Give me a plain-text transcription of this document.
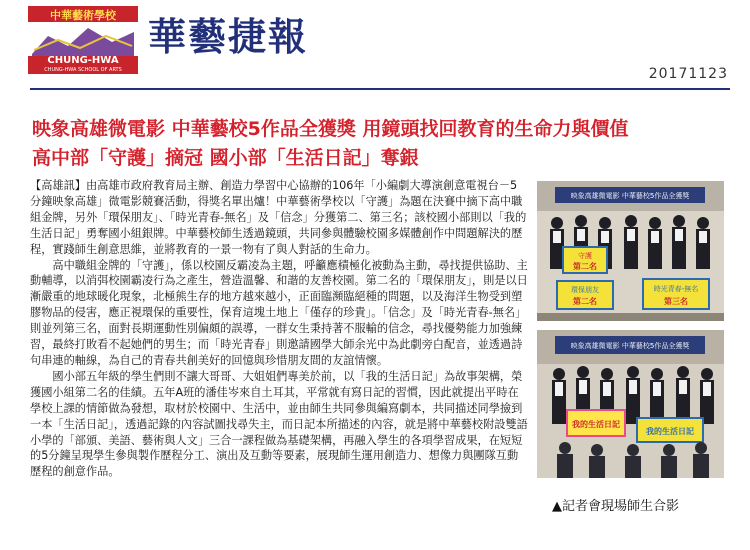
中華藝術學校
CHUNG-HWA
CHUNG-HWA SCHOOL OF ARTS
華藝捷報
20171123
映象高雄微電影 中華藝校5作品全獲獎 用鏡頭找回教育的生命力與價值
高中部「守護」摘冠 國小部「生活日記」奪銀

【高雄訊】由高雄市政府教育局主辦、創造力學習中心協辦的106年「小編劇大導演創意電視台－5分鐘映象高雄」微電影競賽活動，得獎名單出爐！中華藝術學校以「守護」為題在決賽中摘下高中職組金牌，另外「環保朋友」、「時光青春-無名」及「信念」分獲第二、第三名；該校國小部則以「我的生活日記」勇奪國小組銀牌。中華藝校師生透過鏡頭，共同參與體驗校園多媒體創作中問題解決的歷程，實踐師生創意思維，並將教育的一景一物有了與人對話的生命力。

高中職組金牌的「守護」，係以校園反霸凌為主題，呼籲應積極化被動為主動，尋找提供協助、主動輔導，以消弭校園霸凌行為之產生，營造溫馨、和諧的友善校園。第二名的「環保朋友」，則是以日漸嚴重的地球暖化現象，北極熊生存的地方越來越小，正面臨瀕臨絕種的問題，以及海洋生物受到塑膠物品的侵害，應正視環保的重要性，保育這塊土地上「僅存的珍貴」。「信念」及「時光青春-無名」則並列第三名，面對長期運動性別偏頗的誤導，一群女生秉持著不服輸的信念，尋找優勢能力加強練習，最終打敗看不起她們的男生；而「時光青春」則邀請國學大師余光中為此劇旁白配音，並透過詩句串連的軸線，為自己的青春共創美好的回憶與珍惜朋友間的友誼情懷。

國小部五年級的學生們則不讓大哥哥、大姐姐們專美於前，以「我的生活日記」為故事架構，榮獲國小組第二名的佳績。五年A班的潘佳岑來自土耳其，平常就有寫日記的習慣，因此就提出平時在學校上課的情節做為發想，取材於校園中、生活中，並由師生共同參與編寫劇本，共同描述同學撿到一本「生活日記」，透過記錄的內容試圖找尋失主，而日記本所描述的內容，就是將中華藝校附設雙語小學的「部頒、美語、藝術與人文」三合一課程做為基礎架構，再融入學生的各項學習成果，在短短的5分鐘呈現學生參與製作歷程分工、演出及互動等要素，展現師生運用創造力、想像力與團隊互動歷程的創意作品。

映象高雄微電影 中華藝校5作品全獲獎
守護
第二名
環保朋友
第二名
時光青春-無名
第三名
映象高雄微電影 中華藝校5作品全獲獎
我的生活日記
我的生活日記
▲記者會現場師生合影
